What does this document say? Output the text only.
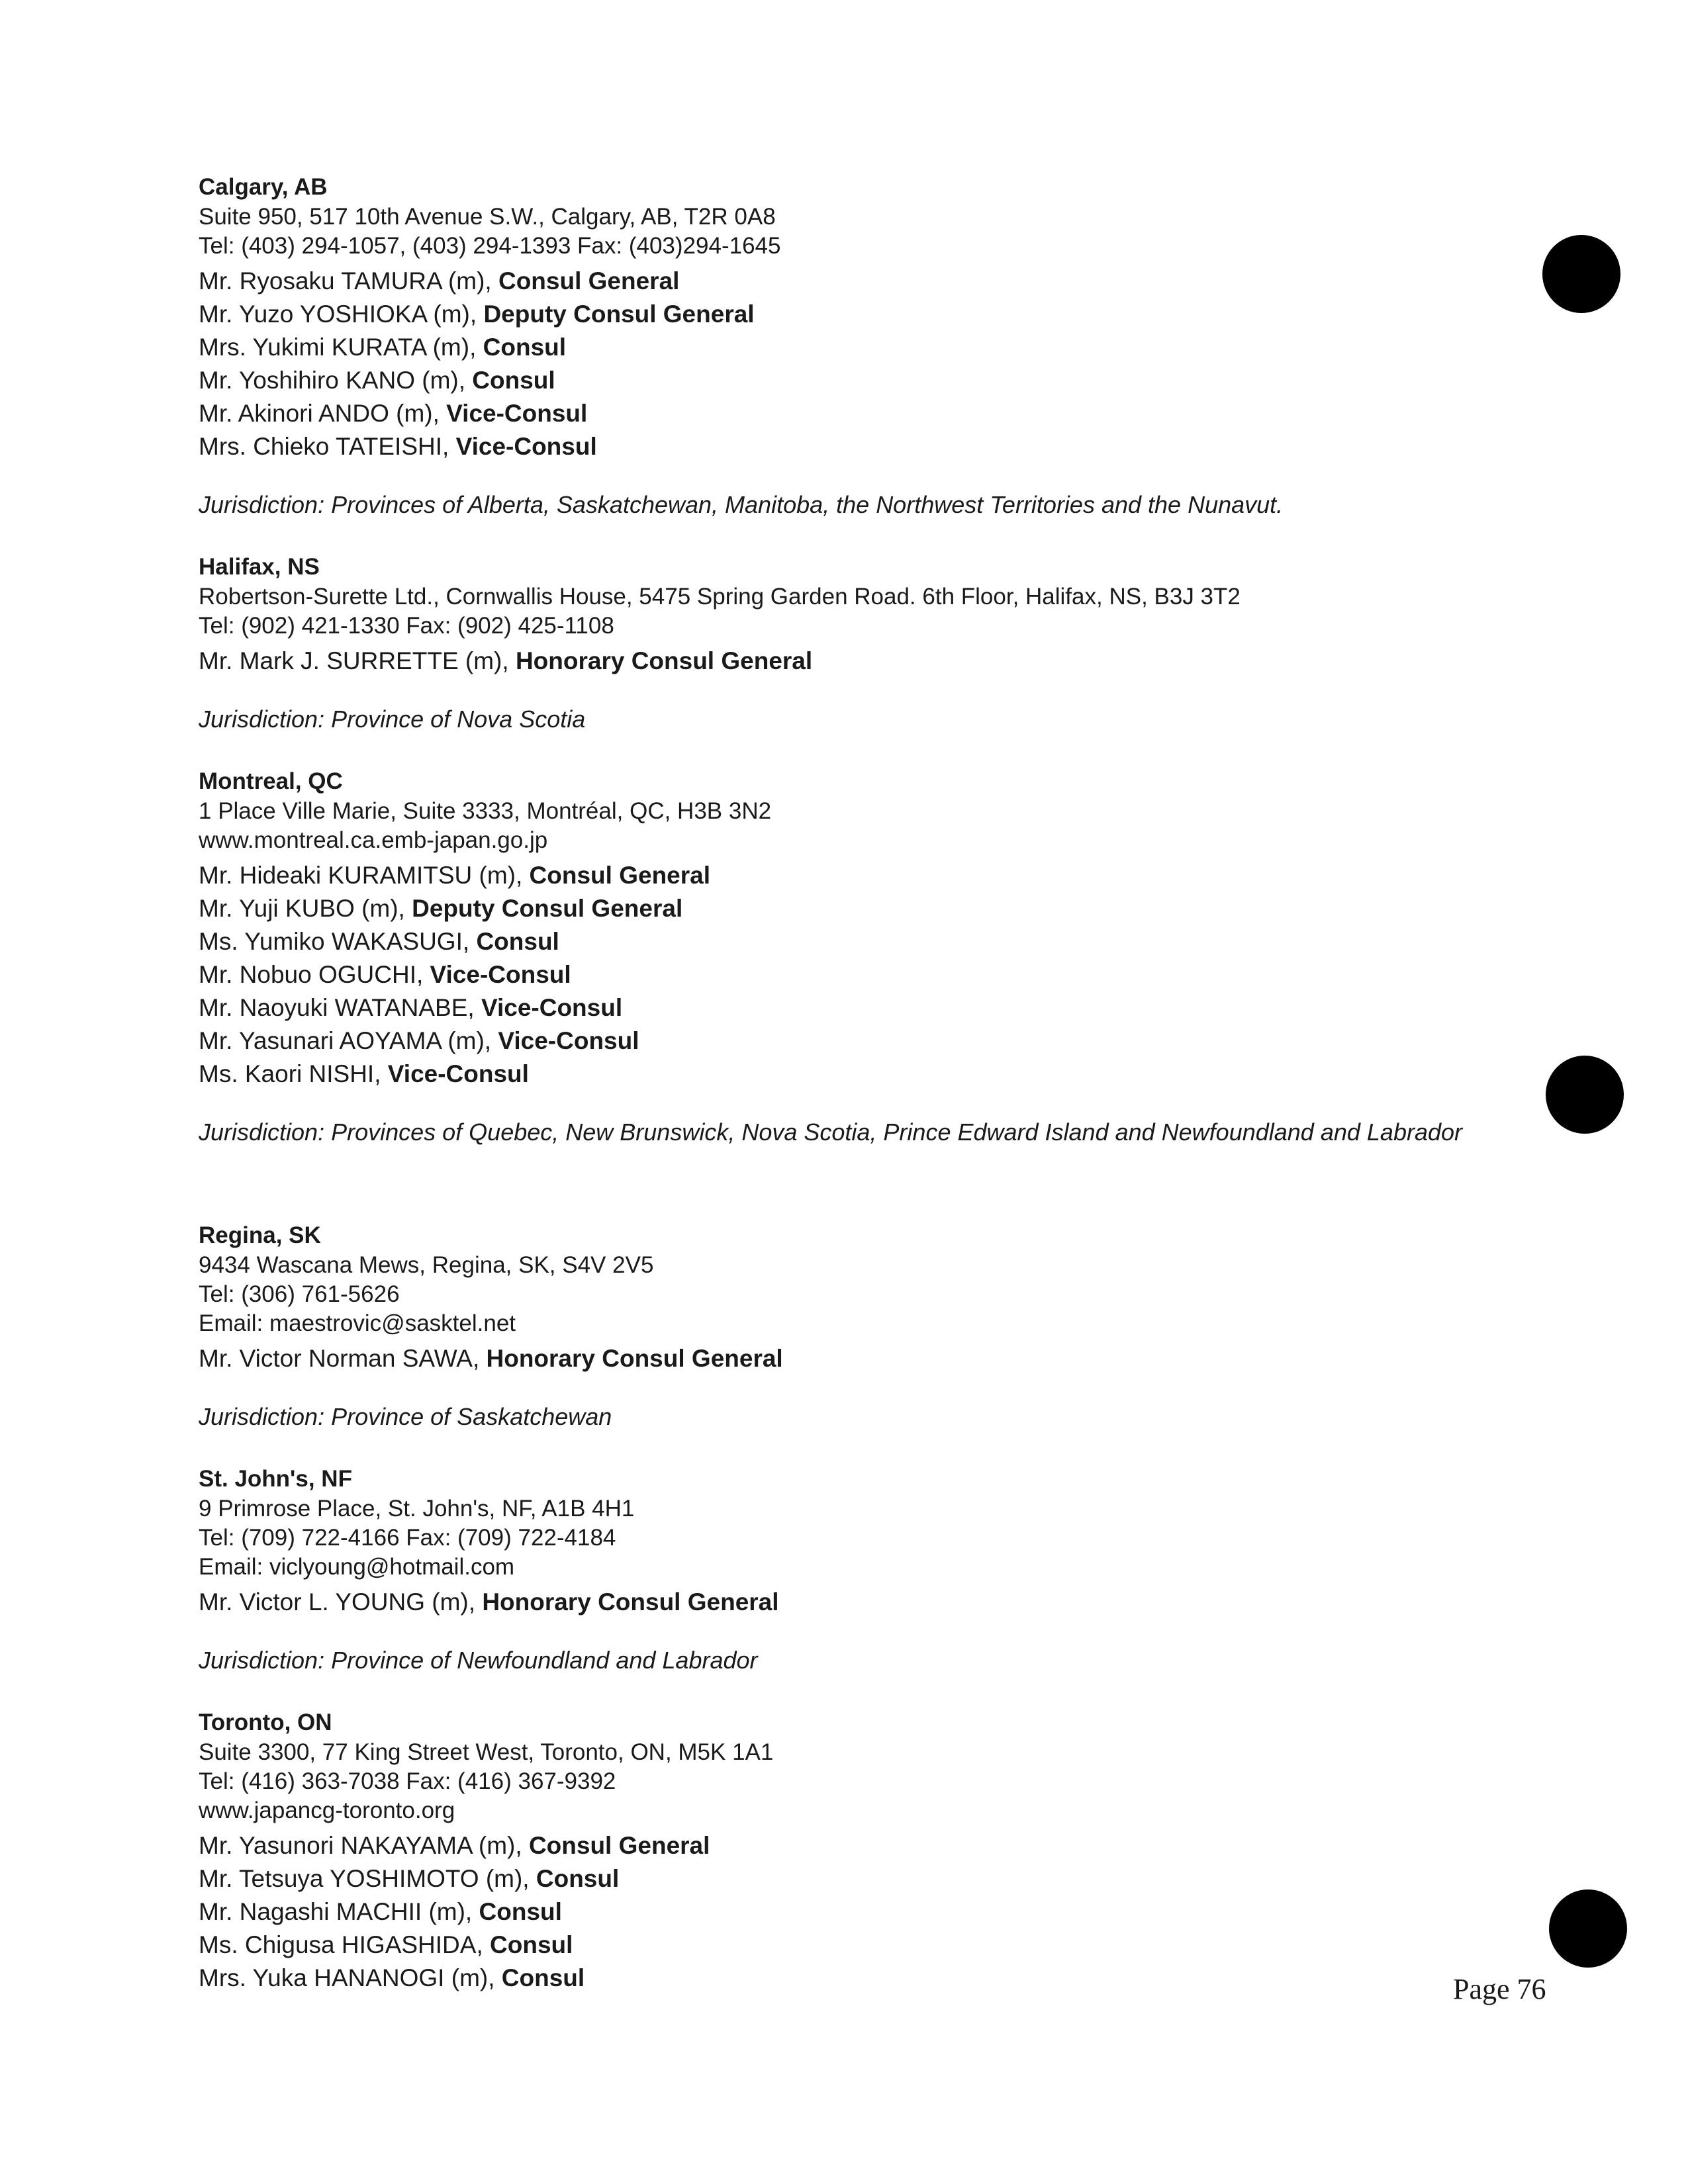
Calgary, AB
Suite 950, 517 10th Avenue S.W., Calgary, AB, T2R 0A8
Tel: (403) 294-1057, (403) 294-1393 Fax: (403)294-1645
Mr. Ryosaku TAMURA (m), Consul General
Mr. Yuzo YOSHIOKA (m), Deputy Consul General
Mrs. Yukimi KURATA (m), Consul
Mr. Yoshihiro KANO (m), Consul
Mr. Akinori ANDO (m), Vice-Consul
Mrs. Chieko TATEISHI, Vice-Consul
Jurisdiction: Provinces of Alberta, Saskatchewan, Manitoba, the Northwest Territories and the Nunavut.
Halifax, NS
Robertson-Surette Ltd., Cornwallis House, 5475 Spring Garden Road. 6th Floor, Halifax, NS, B3J 3T2
Tel: (902) 421-1330 Fax: (902) 425-1108
Mr. Mark J. SURRETTE (m), Honorary Consul General
Jurisdiction: Province of Nova Scotia
Montreal, QC
1 Place Ville Marie, Suite 3333, Montréal, QC, H3B 3N2
www.montreal.ca.emb-japan.go.jp
Mr. Hideaki KURAMITSU (m), Consul General
Mr. Yuji KUBO (m), Deputy Consul General
Ms. Yumiko WAKASUGI, Consul
Mr. Nobuo OGUCHI, Vice-Consul
Mr. Naoyuki WATANABE, Vice-Consul
Mr. Yasunari AOYAMA (m), Vice-Consul
Ms. Kaori NISHI, Vice-Consul
Jurisdiction: Provinces of Quebec, New Brunswick, Nova Scotia, Prince Edward Island and Newfoundland and Labrador
Regina, SK
9434 Wascana Mews, Regina, SK, S4V 2V5
Tel: (306) 761-5626
Email: maestrovic@sasktel.net
Mr. Victor Norman SAWA, Honorary Consul General
Jurisdiction: Province of Saskatchewan
St. John's, NF
9 Primrose Place, St. John's, NF, A1B 4H1
Tel: (709) 722-4166 Fax: (709) 722-4184
Email: viclyoung@hotmail.com
Mr. Victor L. YOUNG (m), Honorary Consul General
Jurisdiction: Province of Newfoundland and Labrador
Toronto, ON
Suite 3300, 77 King Street West, Toronto, ON, M5K 1A1
Tel: (416) 363-7038 Fax: (416) 367-9392
www.japancg-toronto.org
Mr. Yasunori NAKAYAMA (m), Consul General
Mr. Tetsuya YOSHIMOTO (m), Consul
Mr. Nagashi MACHII (m), Consul
Ms. Chigusa HIGASHIDA, Consul
Mrs. Yuka HANANOGI (m), Consul	Page 76
